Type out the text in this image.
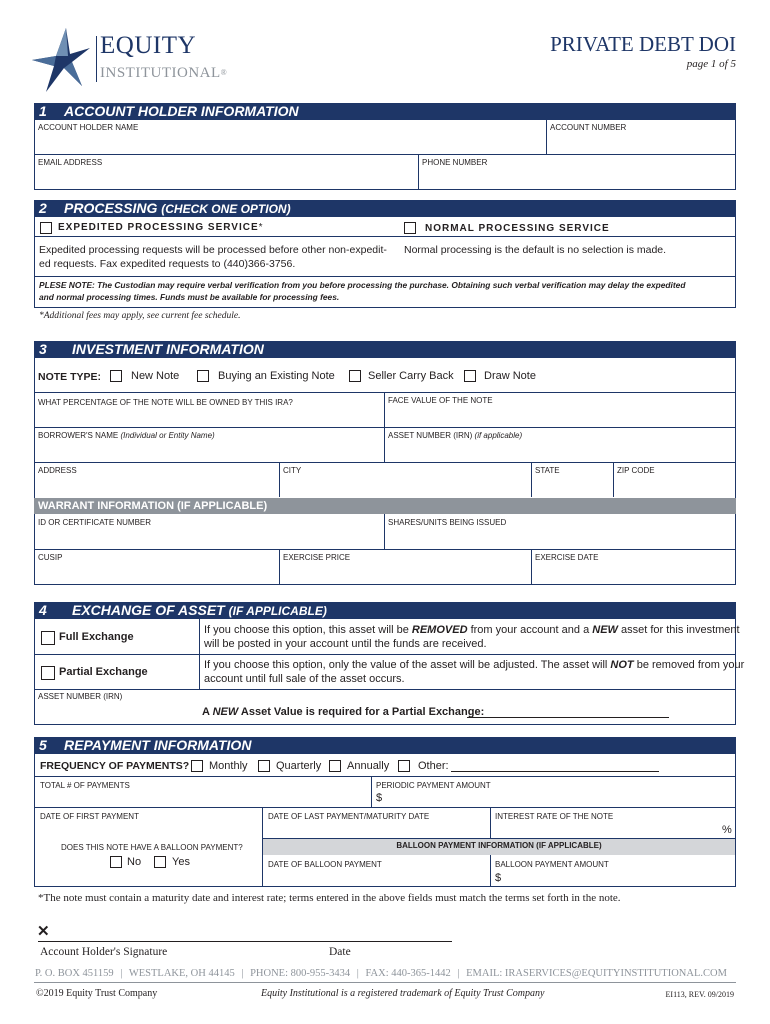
EQUITY
INSTITUTIONAL®
PRIVATE DEBT DOI
page 1 of 5
1 ACCOUNT HOLDER INFORMATION
ACCOUNT HOLDER NAME	ACCOUNT NUMBER
EMAIL ADDRESS	PHONE NUMBER
2 PROCESSING (CHECK ONE OPTION)
EXPEDITED PROCESSING SERVICE*	NORMAL PROCESSING SERVICE
Expedited processing requests will be processed before other non-expedit-
ed requests. Fax expedited requests to (440)366-3756.
Normal processing is the default is no selection is made.
PLESE NOTE: The Custodian may require verbal verification from you before processing the purchase. Obtaining such verbal verification may delay the expedited
and normal processing times. Funds must be available for processing fees.
*Additional fees may apply, see current fee schedule.
3 INVESTMENT INFORMATION
NOTE TYPE:	New Note	Buying an Existing Note	Seller Carry Back	Draw Note
WHAT PERCENTAGE OF THE NOTE WILL BE OWNED BY THIS IRA?	FACE VALUE OF THE NOTE
BORROWER'S NAME (Individual or Entity Name)	ASSET NUMBER (IRN) (if applicable)
ADDRESS	CITY	STATE	ZIP CODE
WARRANT INFORMATION (IF APPLICABLE)
ID OR CERTIFICATE NUMBER	SHARES/UNITS BEING ISSUED
CUSIP	EXERCISE PRICE	EXERCISE DATE
4 EXCHANGE OF ASSET (IF APPLICABLE)
Full Exchange
If you choose this option, this asset will be REMOVED from your account and a NEW asset for this investment
will be posted in your account until the funds are received.
Partial Exchange
If you choose this option, only the value of the asset will be adjusted. The asset will NOT be removed from your
account until full sale of the asset occurs.
ASSET NUMBER (IRN)
A NEW Asset Value is required for a Partial Exchange:
5 REPAYMENT INFORMATION
FREQUENCY OF PAYMENTS? Monthly	Quarterly Annually	Other:
TOTAL # OF PAYMENTS	PERIODIC PAYMENT AMOUNT
$
DATE OF FIRST PAYMENT	DATE OF LAST PAYMENT/MATURITY DATE	INTEREST RATE OF THE NOTE
%
DOES THIS NOTE HAVE A BALLOON PAYMENT?
No	Yes
BALLOON PAYMENT INFORMATION (IF APPLICABLE)
DATE OF BALLOON PAYMENT	BALLOON PAYMENT AMOUNT
$
*The note must contain a maturity date and interest rate; terms entered in the above fields must match the terms set forth in the note.
✕
Account Holder's Signature	Date
P. O. BOX 451159 | WESTLAKE, OH 44145 | PHONE: 800-955-3434 | FAX: 440-365-1442 | EMAIL: IRASERVICES@EQUITYINSTITUTIONAL.COM
©2019 Equity Trust Company	Equity Institutional is a registered trademark of Equity Trust Company	EI113, REV. 09/2019
